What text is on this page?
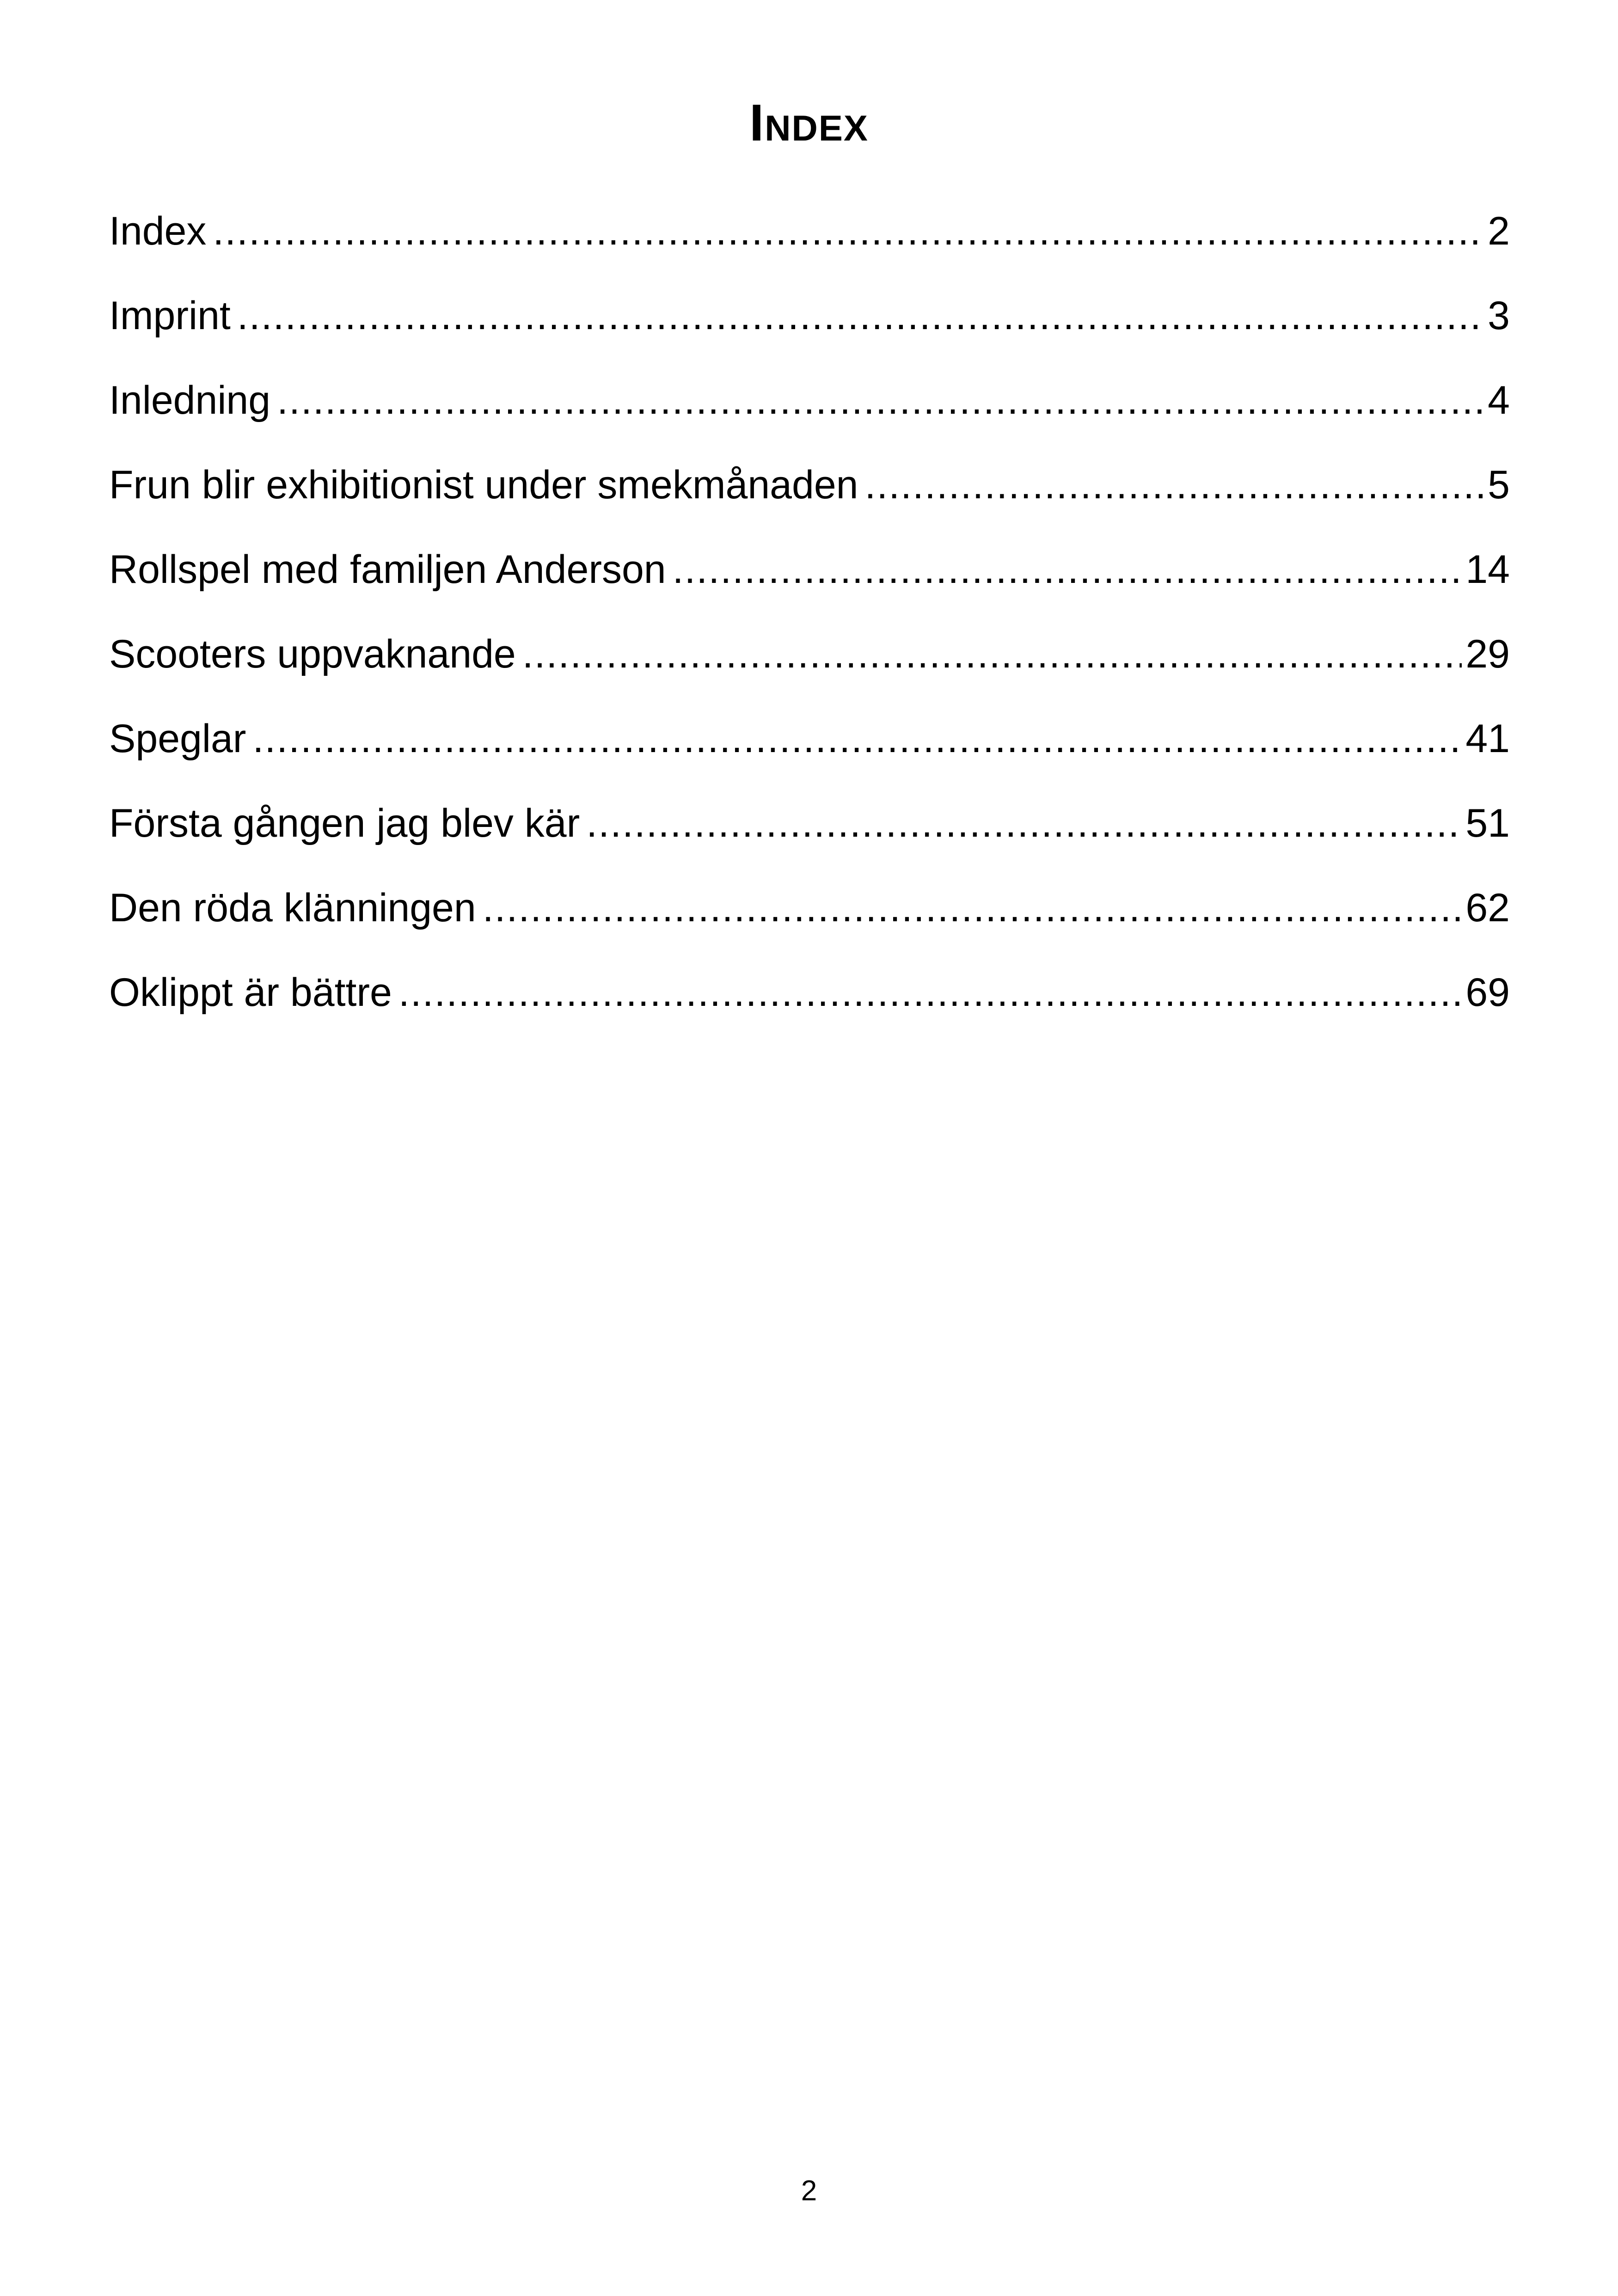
Index
Index .....	2
Imprint .....	3
Inledning .....	4
Frun blir exhibitionist under smekmånaden .....	5
Rollspel med familjen Anderson .....	14
Scooters uppvaknande .....	29
Speglar .....	41
Första gången jag blev kär .....	51
Den röda klänningen .....	62
Oklippt är bättre .....	69
2
